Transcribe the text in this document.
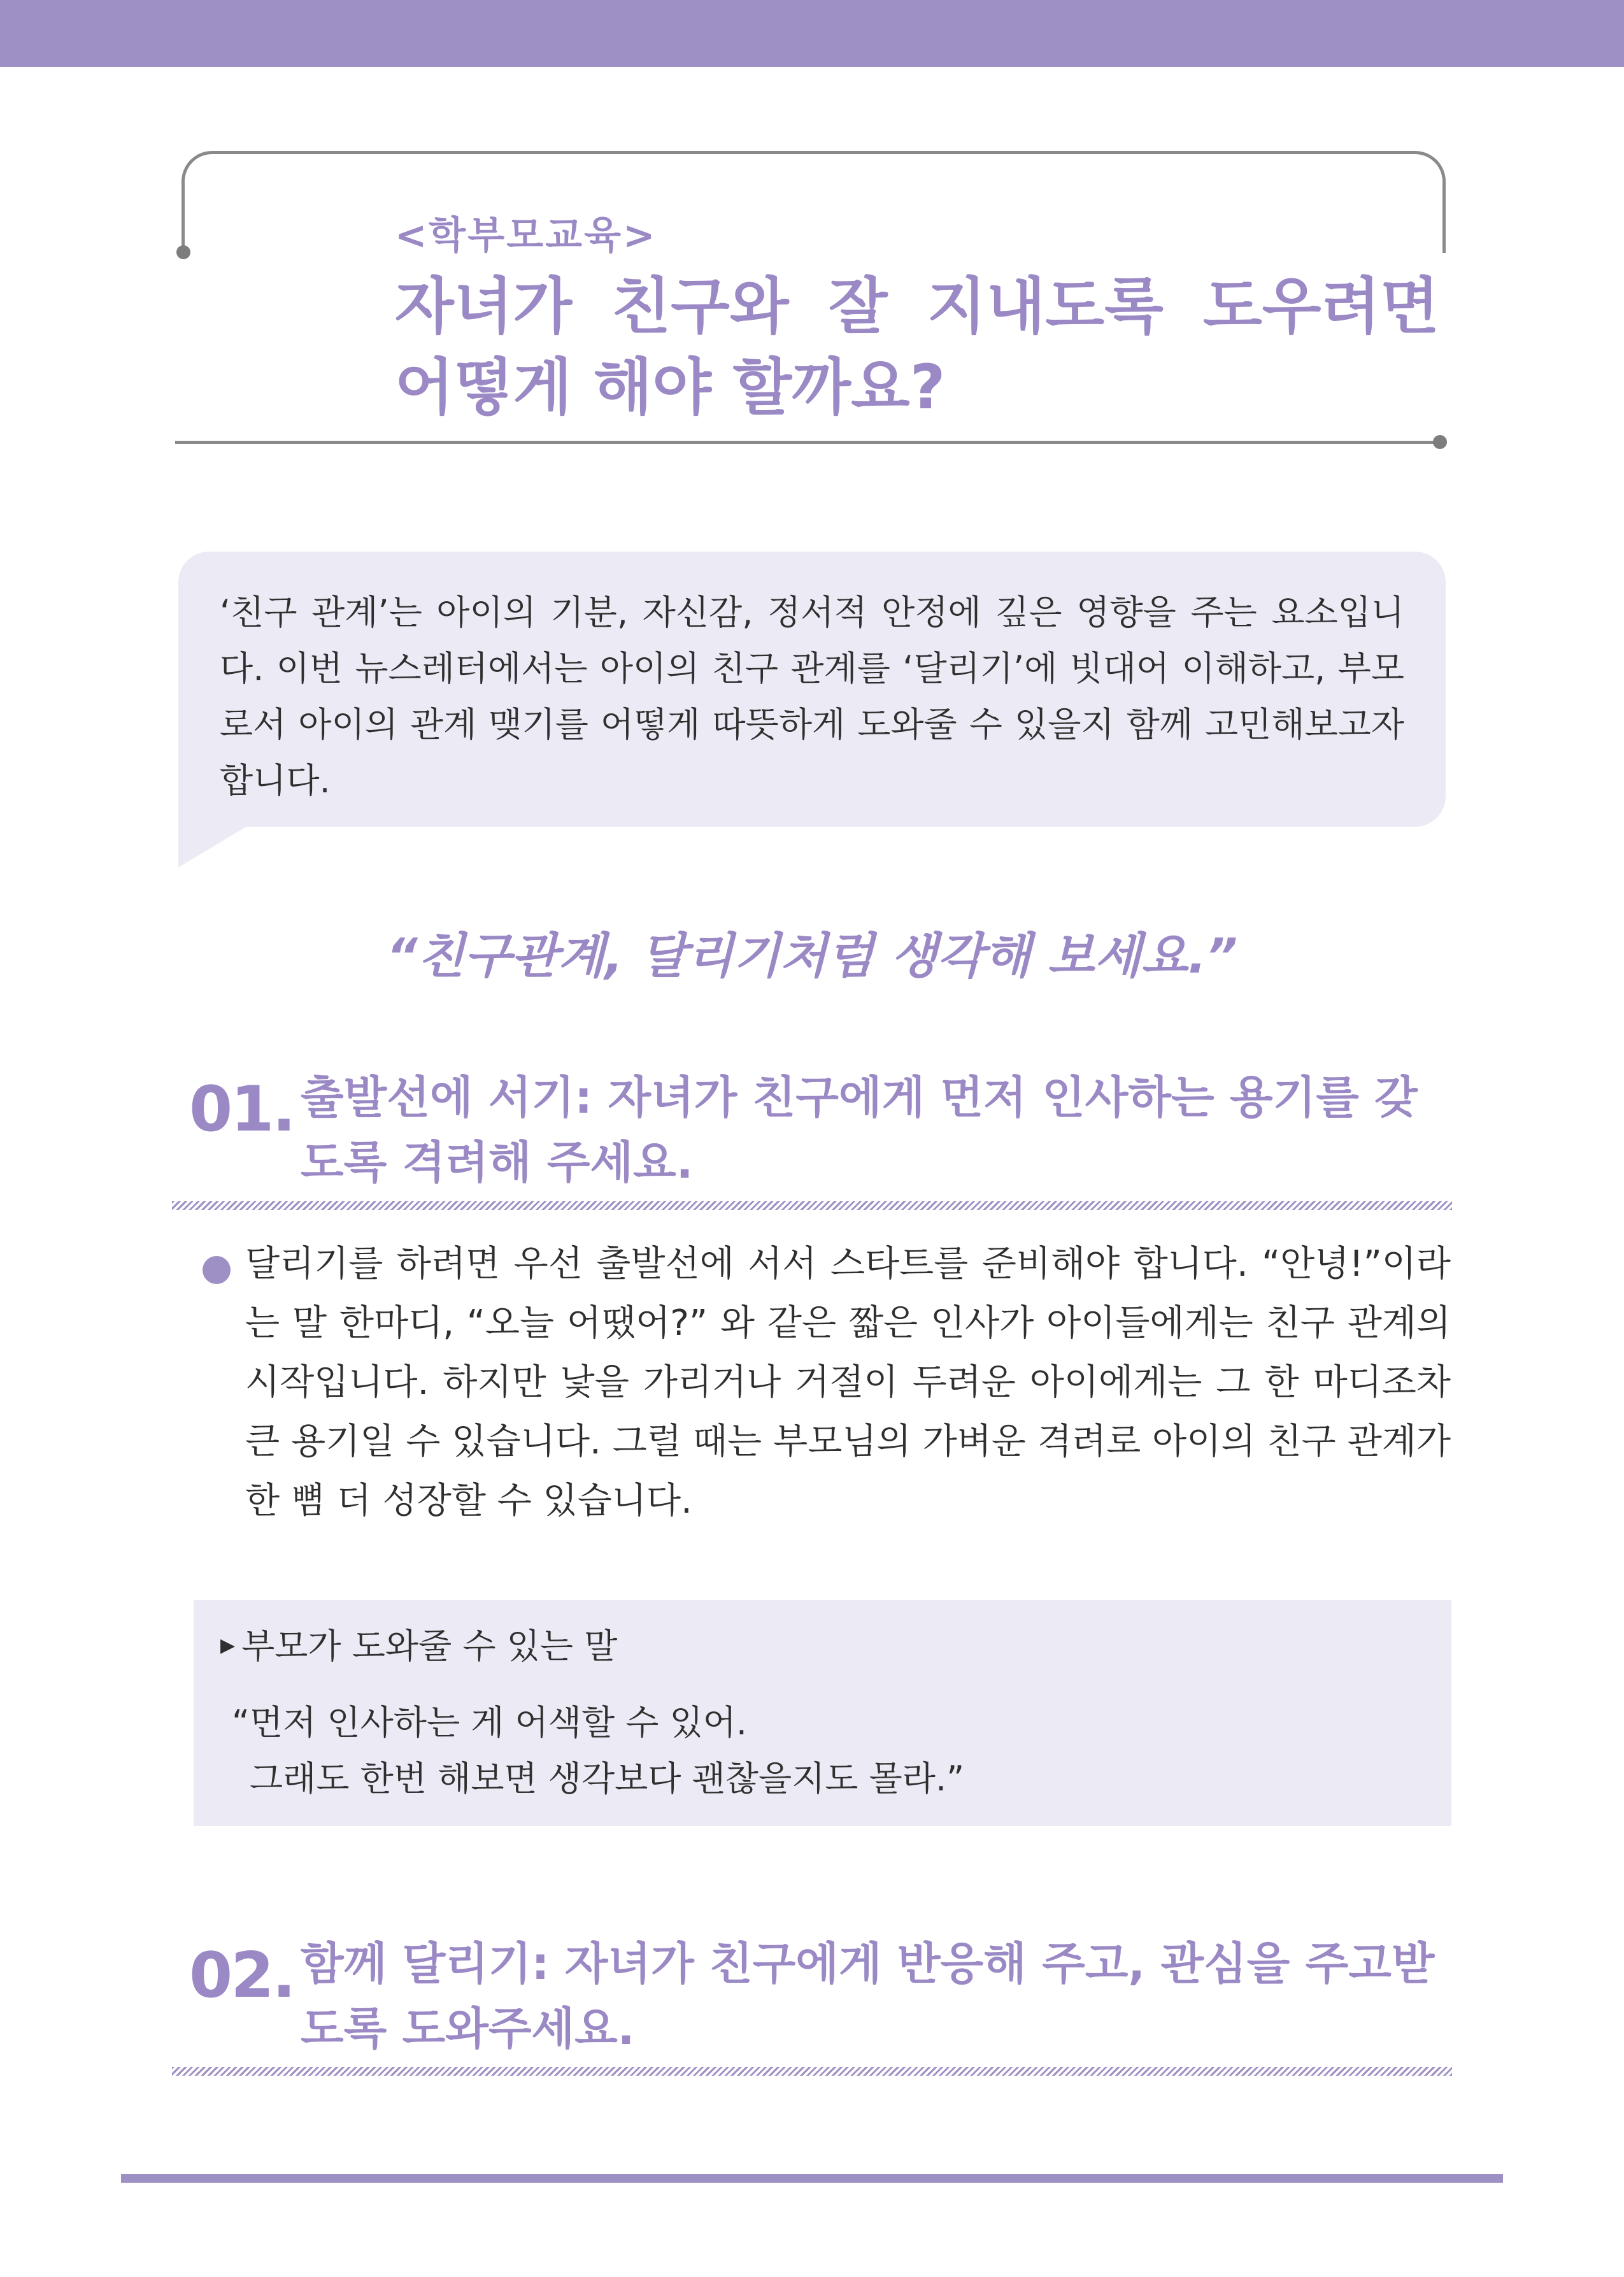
<학부모교육>
자녀가 친구와 잘 지내도록 도우려면 어떻게 해야 할까요?

‘친구 관계’는 아이의 기분, 자신감, 정서적 안정에 깊은 영향을 주는 요소입니다. 이번 뉴스레터에서는 아이의 친구 관계를 ‘달리기’에 빗대어 이해하고, 부모로서 아이의 관계 맺기를 어떻게 따뜻하게 도와줄 수 있을지 함께 고민해보고자 합니다.

“친구관계, 달리기처럼 생각해 보세요.”
01. 출발선에 서기: 자녀가 친구에게 먼저 인사하는 용기를 갖도록 격려해 주세요.

달리기를 하려면 우선 출발선에 서서 스타트를 준비해야 합니다. “안녕!”이라는 말 한마디, “오늘 어땠어?” 와 같은 짧은 인사가 아이들에게는 친구 관계의 시작입니다. 하지만 낯을 가리거나 거절이 두려운 아이에게는 그 한 마디조차 큰 용기일 수 있습니다. 그럴 때는 부모님의 가벼운 격려로 아이의 친구 관계가 한 뼘 더 성장할 수 있습니다.

▶ 부모가 도와줄 수 있는 말
“먼저 인사하는 게 어색할 수 있어.
그래도 한번 해보면 생각보다 괜찮을지도 몰라.”
02. 함께 달리기: 자녀가 친구에게 반응해 주고, 관심을 주고받도록 도와주세요.
